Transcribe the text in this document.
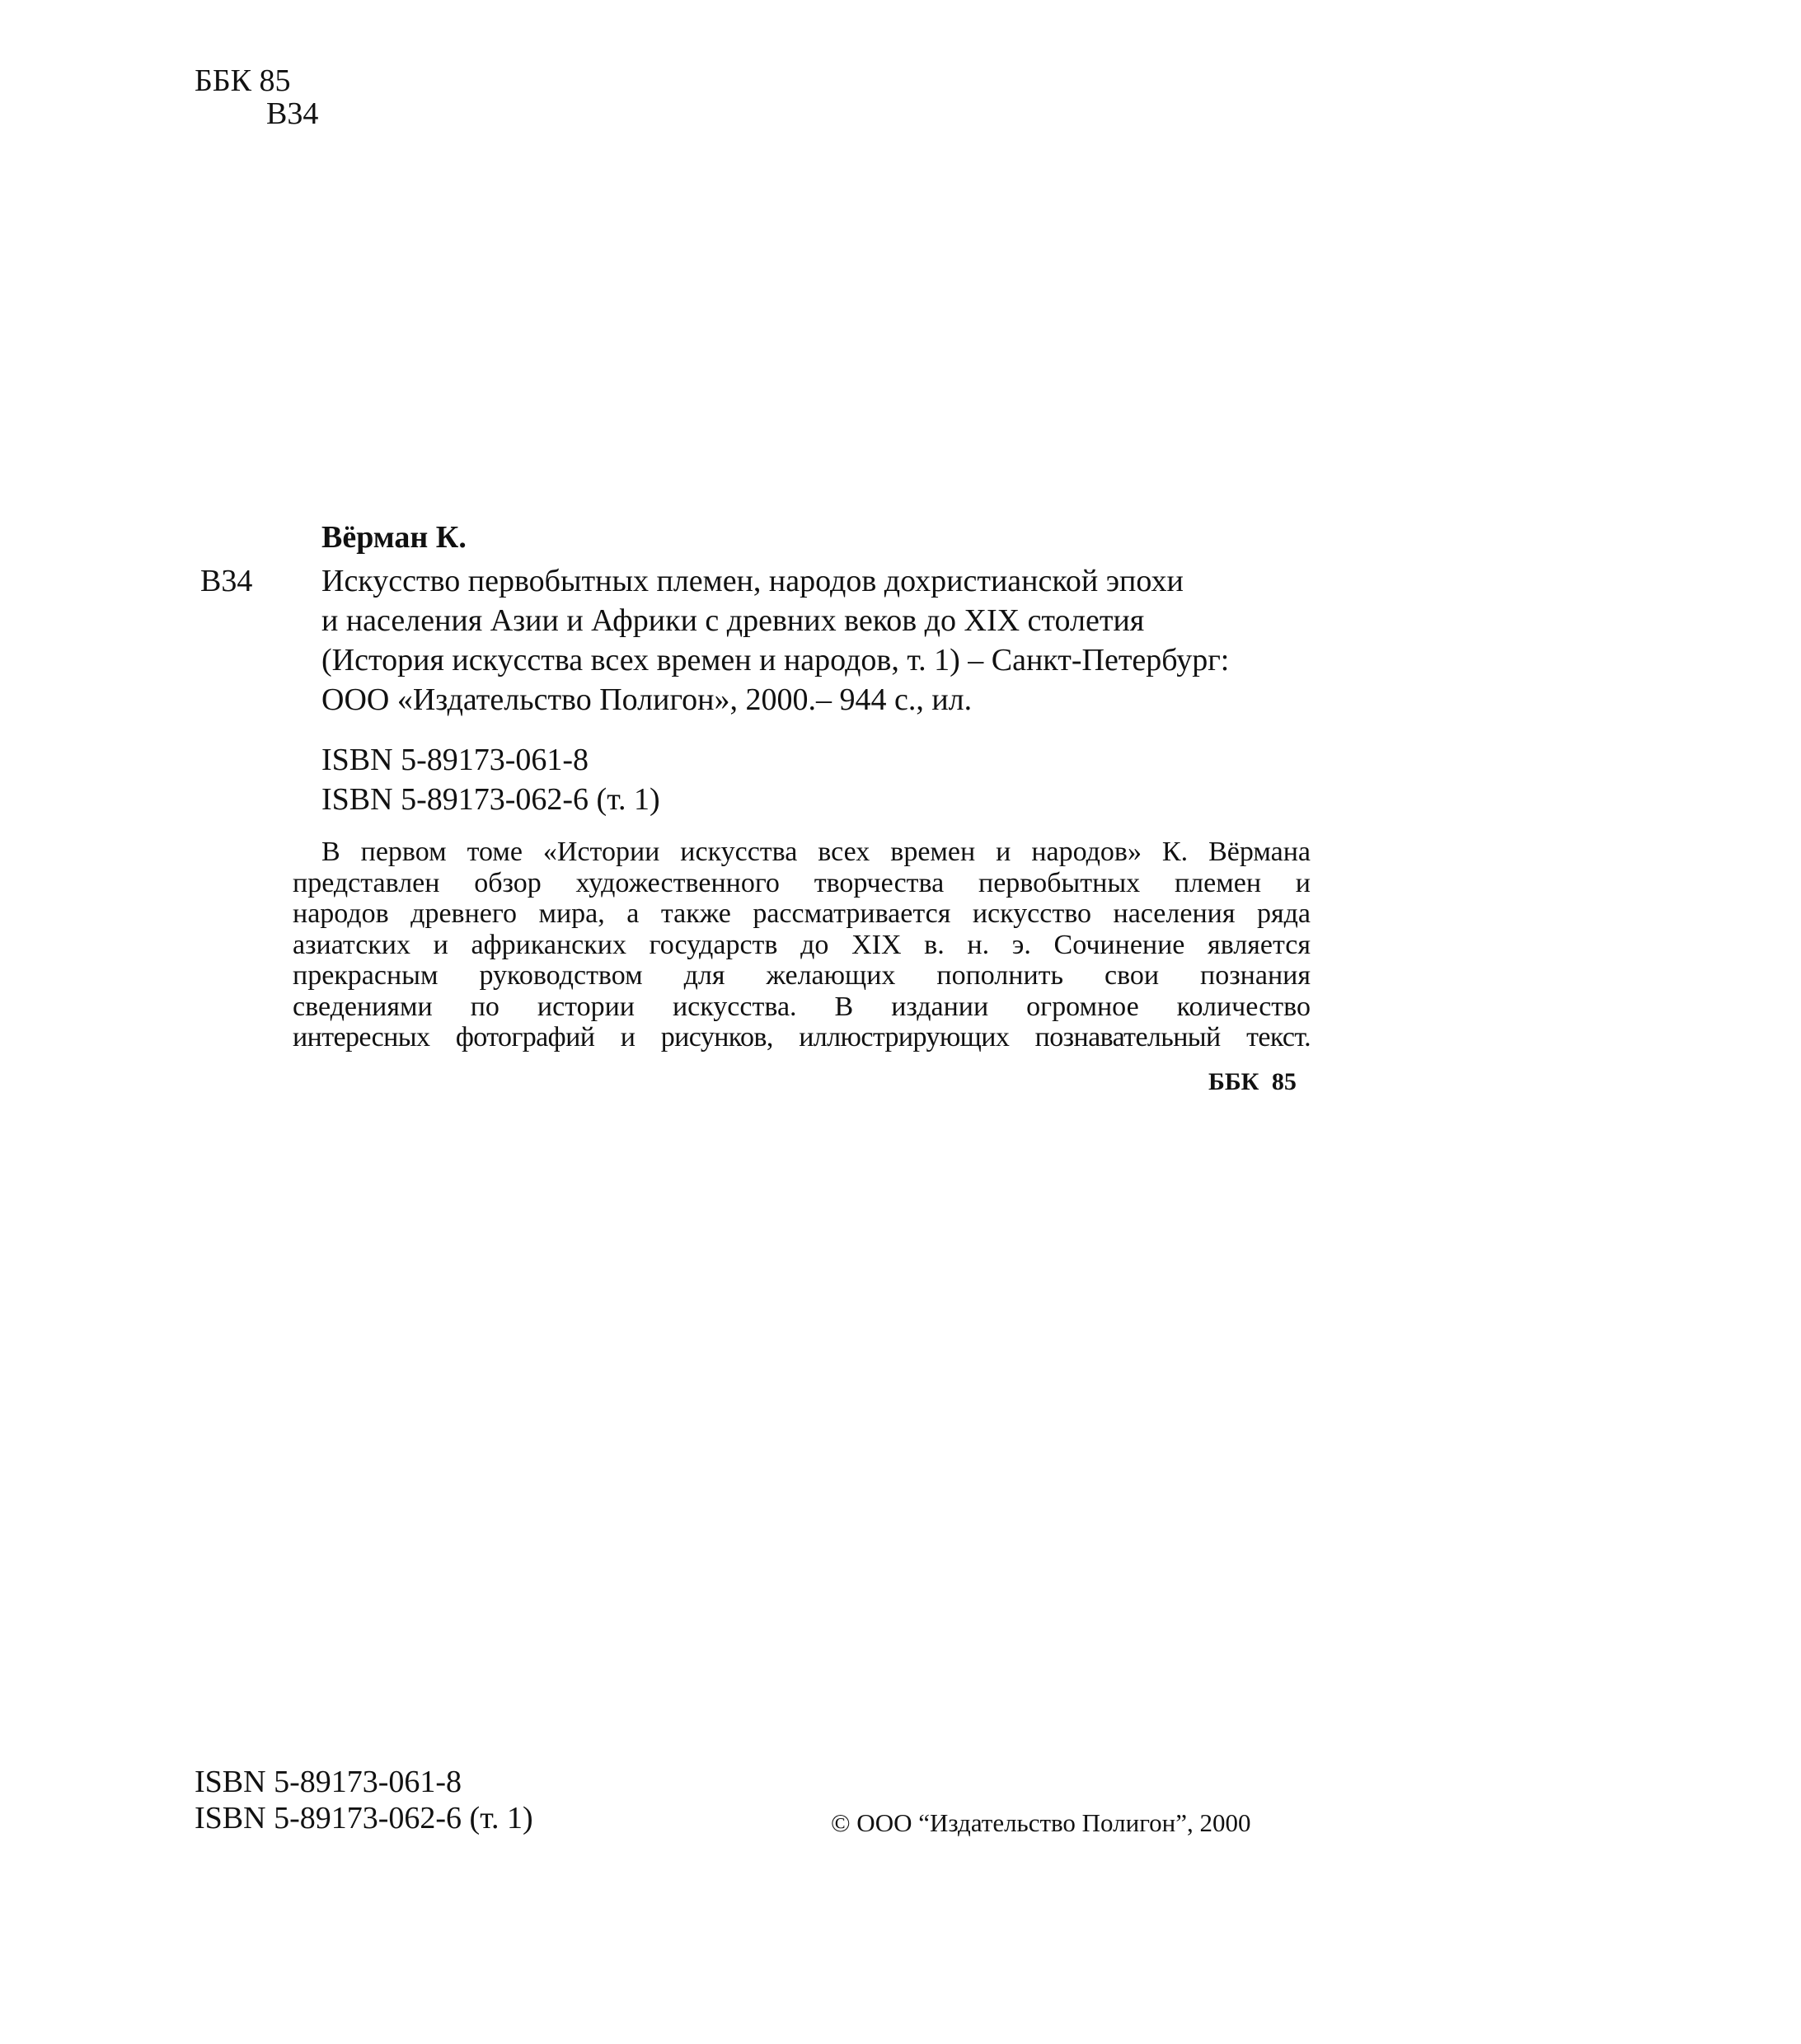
ББК 85
В34
Вёрман К.
В34 Искусство первобытных племен, народов дохристианской эпохи
и населения Азии и Африки с древних веков до XIX столетия
(История искусства всех времен и народов, т. 1) – Санкт-Петербург:
ООО «Издательство Полигон», 2000.– 944 с., ил.
ISBN 5-89173-061-8
ISBN 5-89173-062-6 (т. 1)
В первом томе «Истории искусства всех времен и народов» К. Вёрмана
представлен обзор художественного творчества первобытных племен и
народов древнего мира, а также рассматривается искусство населения ряда
азиатских и африканских государств до XIX в. н. э. Сочинение является
прекрасным руководством для желающих пополнить свои познания
сведениями по истории искусства. В издании огромное количество
интересных фотографий и рисунков, иллюстрирующих познавательный текст.
ББК 85
ISBN 5-89173-061-8
ISBN 5-89173-062-6 (т. 1)	© ООО “Издательство Полигон”, 2000
